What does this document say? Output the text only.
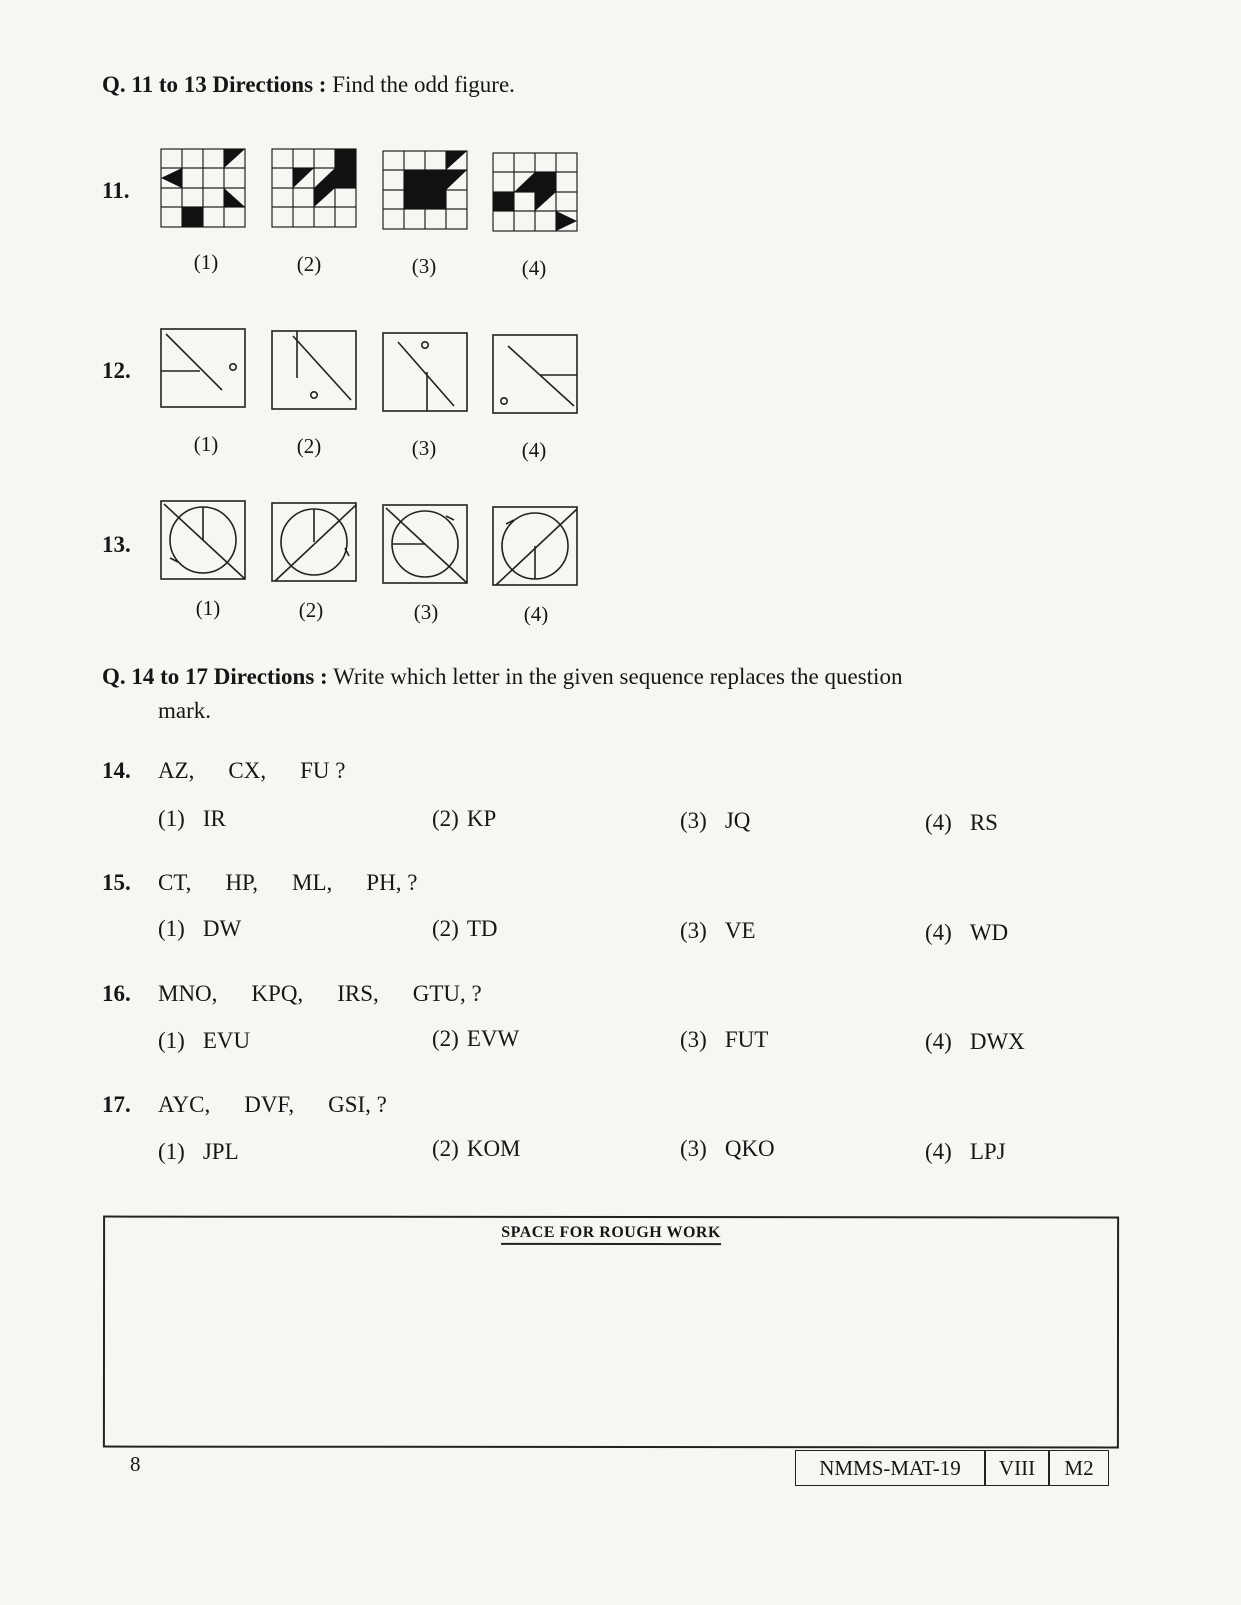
Q. 11 to 13 Directions : Find the odd figure.
11.
(1)	(2)	(3)	(4)
12.
(1)	(2)	(3)	(4)
13.
(1)	(2)	(3)	(4)
Q. 14 to 17 Directions : Write which letter in the given sequence replaces the question
mark.
14. AZ, CX, FU ?
(1) IR	(2) KP	(3) JQ	(4) RS
15. CT, HP, ML, PH, ?
(1) DW	(2) TD	(3) VE	(4) WD
16. MNO, KPQ, IRS, GTU, ?
(1) EVU	(2) EVW	(3) FUT	(4) DWX
17. AYC, DVF, GSI, ?
(1) JPL	(2) KOM	(3) QKO	(4) LPJ
SPACE FOR ROUGH WORK
8	NMMS-MAT-19	VIII	M2
